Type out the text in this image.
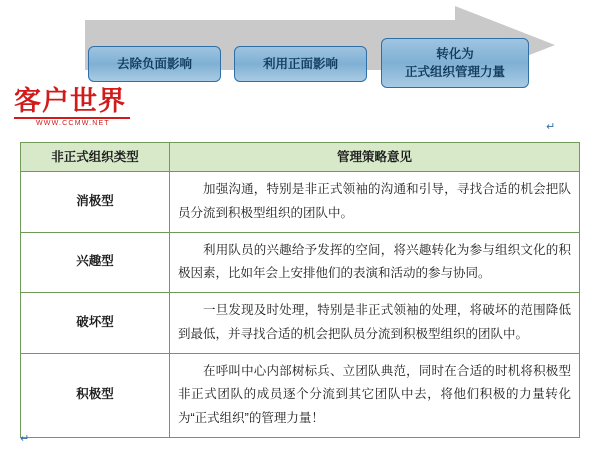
去除负面影响	利用正面影响
转化为
正式组织管理力量
客户世界
WWW.CCMW.NET	↵
非正式组织类型	管理策略意见
消极型	加强沟通，特别是非正式领袖的沟通和引导，寻找合适的机会把队员分流到积极型组织的团队中。
兴趣型	利用队员的兴趣给予发挥的空间，将兴趣转化为参与组织文化的积极因素，比如年会上安排他们的表演和活动的参与协同。
破坏型	一旦发现及时处理，特别是非正式领袖的处理，将破坏的范围降低到最低，并寻找合适的机会把队员分流到积极型组织的团队中。
积极型	在呼叫中心内部树标兵、立团队典范，同时在合适的时机将积极型非正式团队的成员逐个分流到其它团队中去，将他们积极的力量转化为“正式组织”的管理力量！
↵
